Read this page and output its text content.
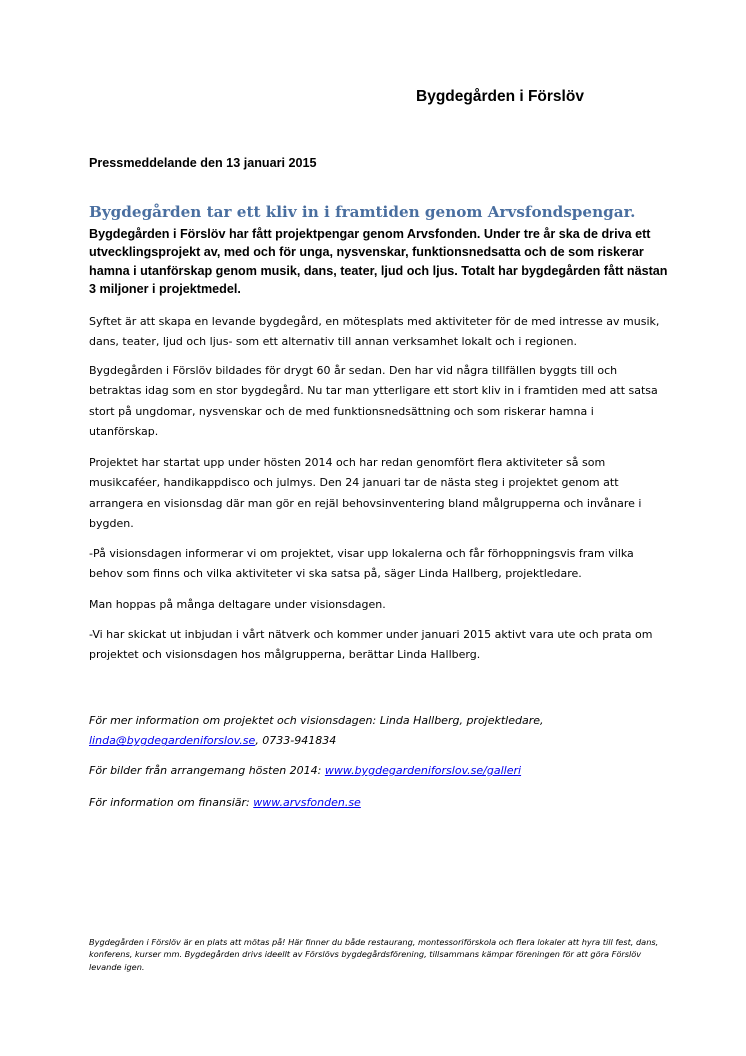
Bygdegården i Förslöv
Pressmeddelande den 13 januari 2015
Bygdegården tar ett kliv in i framtiden genom Arvsfondspengar.

Bygdegården i Förslöv har fått projektpengar genom Arvsfonden. Under tre år ska de driva ett utvecklingsprojekt av, med och för unga, nysvenskar, funktionsnedsatta och de som riskerar hamna i utanförskap genom musik, dans, teater, ljud och ljus. Totalt har bygdegården fått nästan 3 miljoner i projektmedel.

Syftet är att skapa en levande bygdegård, en mötesplats med aktiviteter för de med intresse av musik, dans, teater, ljud och ljus- som ett alternativ till annan verksamhet lokalt och i regionen.

Bygdegården i Förslöv bildades för drygt 60 år sedan. Den har vid några tillfällen byggts till och betraktas idag som en stor bygdegård. Nu tar man ytterligare ett stort kliv in i framtiden med att satsa stort på ungdomar, nysvenskar och de med funktionsnedsättning och som riskerar hamna i utanförskap.

Projektet har startat upp under hösten 2014 och har redan genomfört flera aktiviteter så som musikcaféer, handikappdisco och julmys. Den 24 januari tar de nästa steg i projektet genom att arrangera en visionsdag där man gör en rejäl behovsinventering bland målgrupperna och invånare i bygden.

-På visionsdagen informerar vi om projektet, visar upp lokalerna och får förhoppningsvis fram vilka behov som finns och vilka aktiviteter vi ska satsa på, säger Linda Hallberg, projektledare.

Man hoppas på många deltagare under visionsdagen.

-Vi har skickat ut inbjudan i vårt nätverk och kommer under januari 2015 aktivt vara ute och prata om projektet och visionsdagen hos målgrupperna, berättar Linda Hallberg.

För mer information om projektet och visionsdagen: Linda Hallberg, projektledare,
linda@bygdegardeniforslov.se, 0733-941834

För bilder från arrangemang hösten 2014: www.bygdegardeniforslov.se/galleri

För information om finansiär: www.arvsfonden.se

Bygdegården i Förslöv är en plats att mötas på! Här finner du både restaurang, montessoriförskola och flera lokaler att hyra till fest, dans, konferens, kurser mm. Bygdegården drivs ideellt av Förslövs bygdegårdsförening, tillsammans kämpar föreningen för att göra Förslöv levande igen.
